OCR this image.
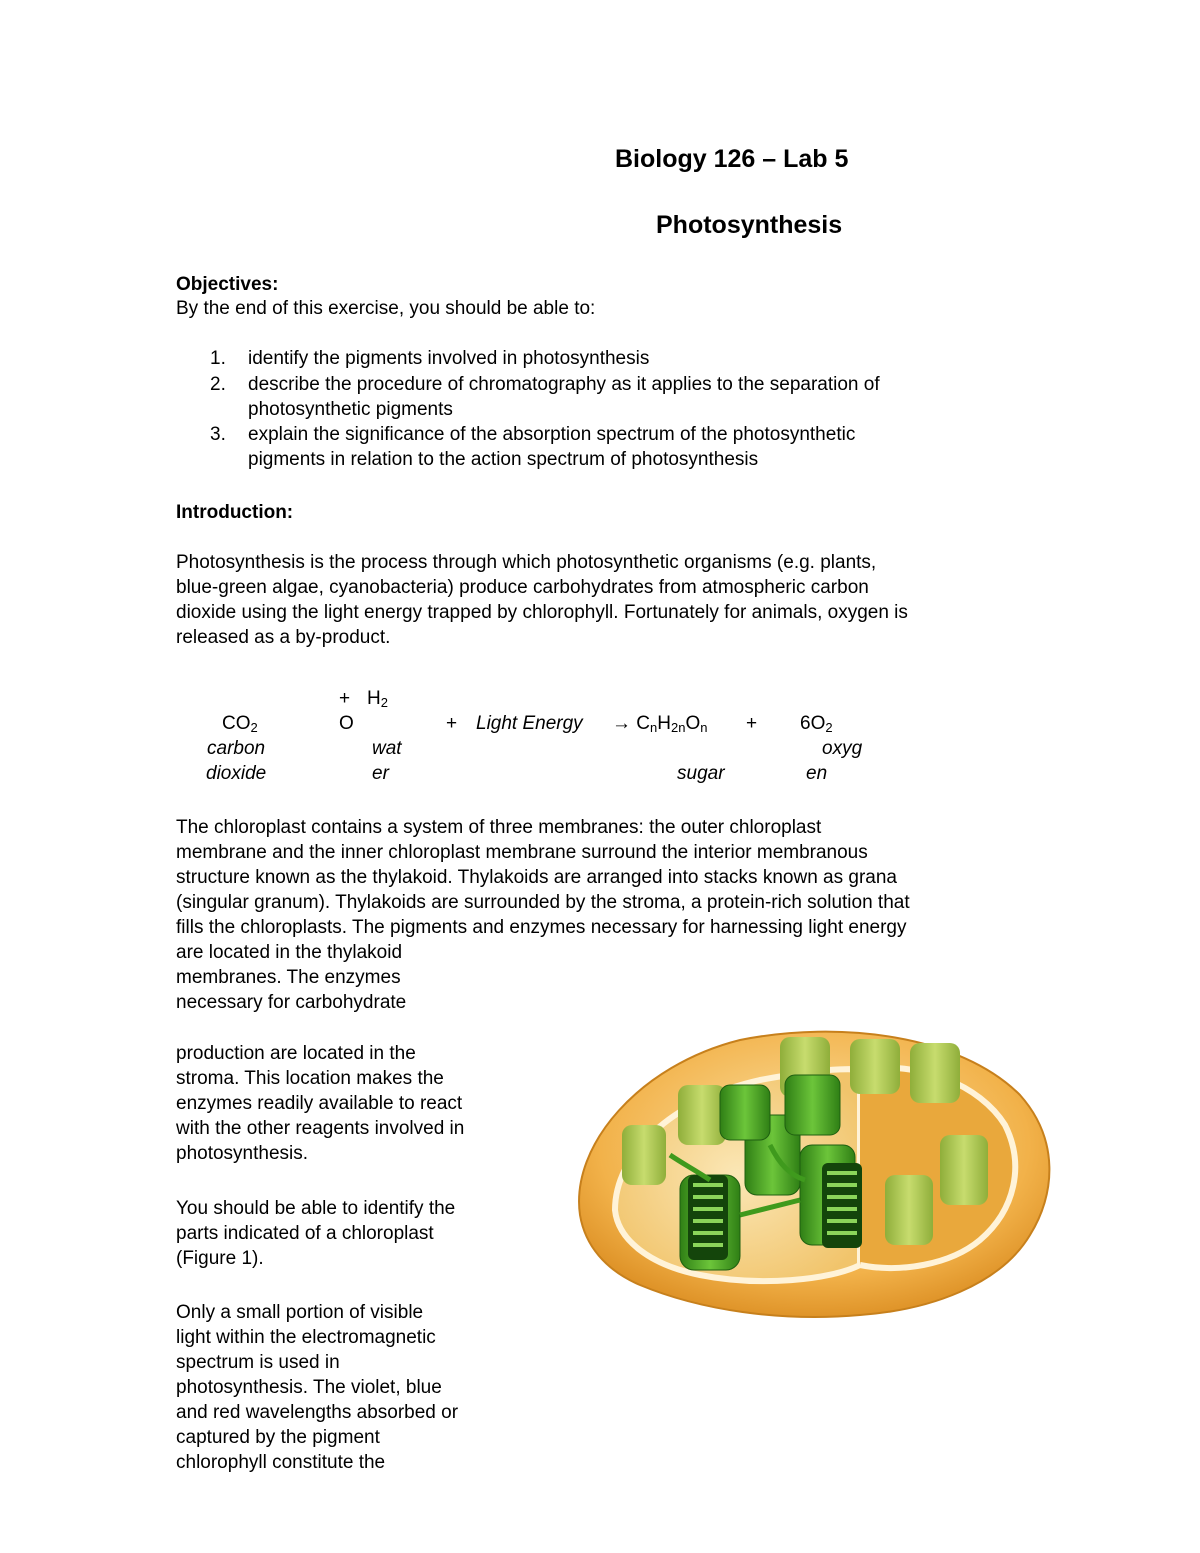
Biology 126 – Lab 5
Photosynthesis
Objectives:
By the end of this exercise, you should be able to:
1.	identify the pigments involved in photosynthesis
2.	describe the procedure of chromatography as it applies to the separation of
photosynthetic pigments
3.	explain the significance of the absorption spectrum of the photosynthetic
pigments in relation to the action spectrum of photosynthesis
Introduction:
Photosynthesis is the process through which photosynthetic organisms (e.g. plants,
blue-green algae, cyanobacteria) produce carbohydrates from atmospheric carbon
dioxide using the light energy trapped by chlorophyll. Fortunately for animals, oxygen is
released as a by-product.
+ $H_2$
$CO_2$	O	+ Light Energy → $C_nH_{2n}O_n + 6O_2$
carbon	wat	oxyg
dioxide	er	sugar	en
The chloroplast contains a system of three membranes: the outer chloroplast
membrane and the inner chloroplast membrane surround the interior membranous
structure known as the thylakoid. Thylakoids are arranged into stacks known as grana
(singular granum). Thylakoids are surrounded by the stroma, a protein-rich solution that
fills the chloroplasts. The pigments and enzymes necessary for harnessing light energy
are located in the thylakoid
membranes. The enzymes
necessary for carbohydrate
production are located in the
stroma. This location makes the
enzymes readily available to react
with the other reagents involved in
photosynthesis.
You should be able to identify the
parts indicated of a chloroplast
(Figure 1).
Only a small portion of visible
light within the electromagnetic
spectrum is used in
photosynthesis. The violet, blue
and red wavelengths absorbed or
captured by the pigment
chlorophyll constitute the
